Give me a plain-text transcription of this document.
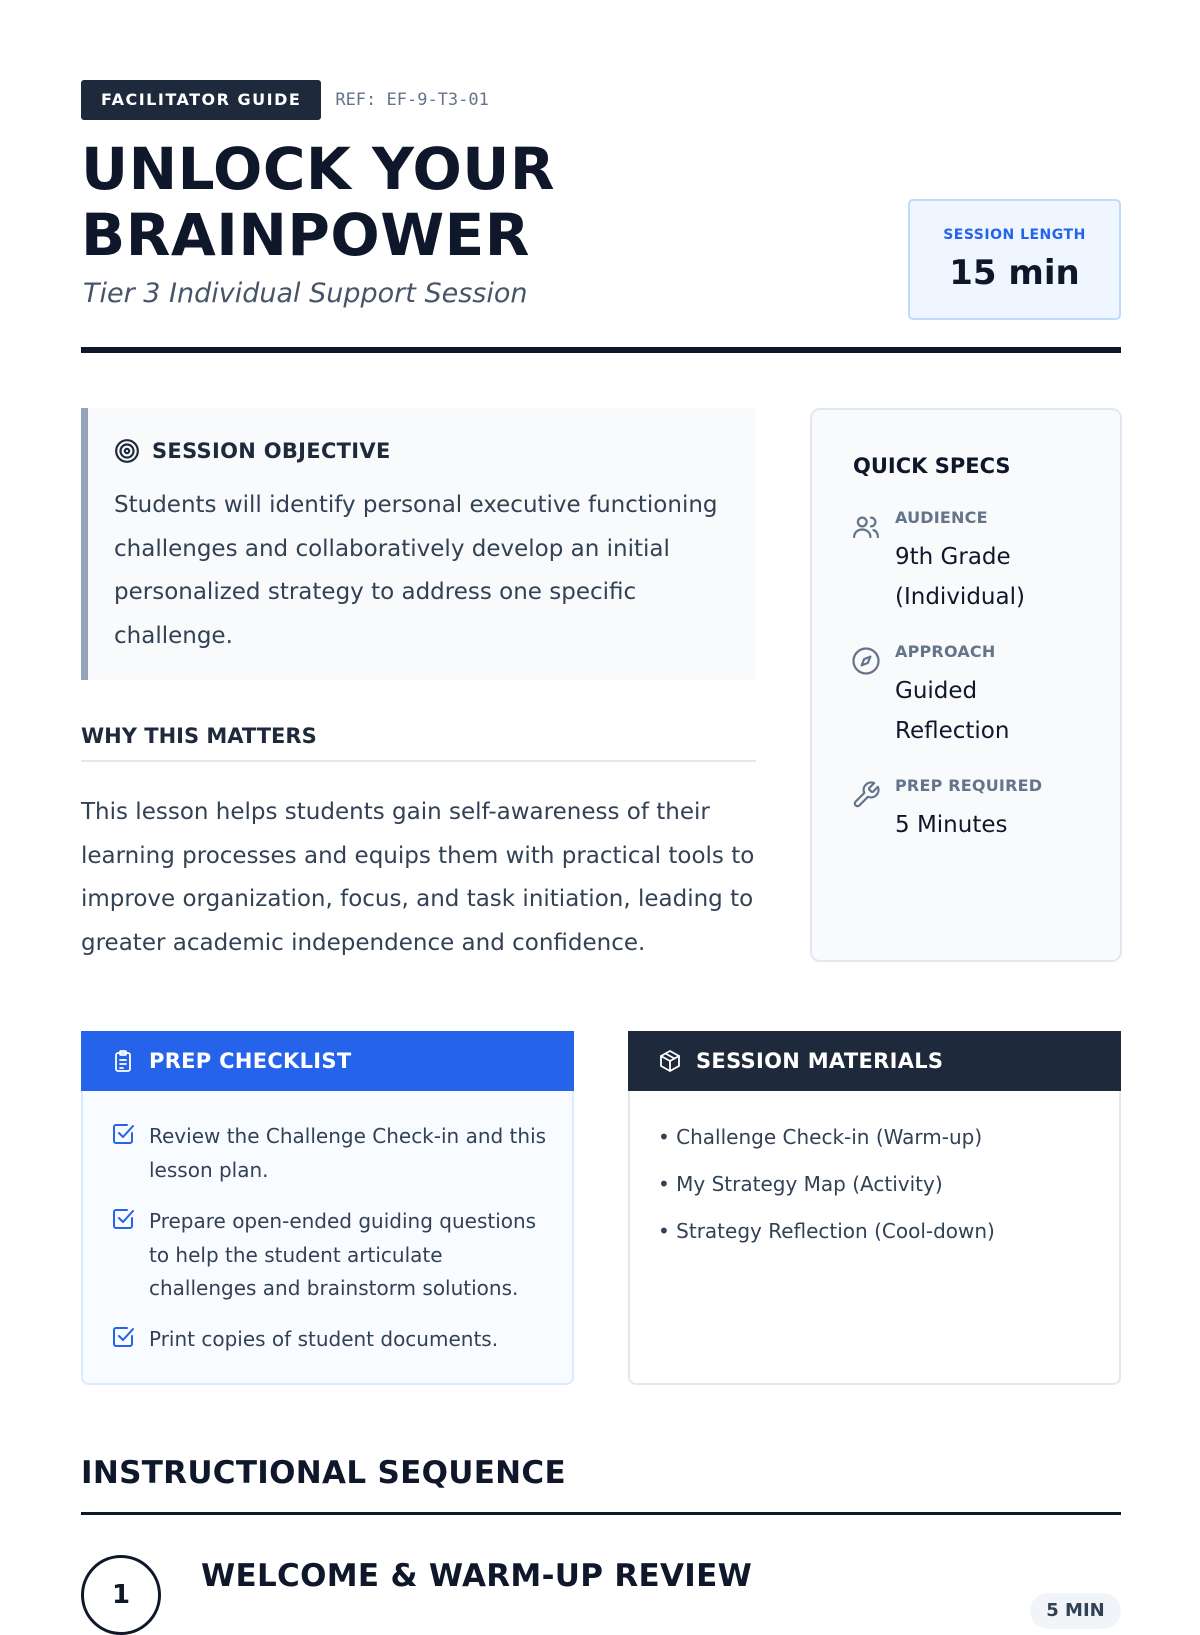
FACILITATOR GUIDE	REF: EF-9-T3-01
UNLOCK YOUR
BRAINPOWER
Tier 3 Individual Support Session
SESSION LENGTH
15 min
SESSION OBJECTIVE

Students will identify personal executive functioning challenges and collaboratively develop an initial personalized strategy to address one specific challenge.

WHY THIS MATTERS

This lesson helps students gain self-awareness of their learning processes and equips them with practical tools to improve organization, focus, and task initiation, leading to greater academic independence and confidence.

QUICK SPECS
AUDIENCE
9th Grade
(Individual)
APPROACH
Guided
Reflection
PREP REQUIRED
5 Minutes
PREP CHECKLIST
Review the Challenge Check-in and this lesson plan.
Prepare open-ended guiding questions to help the student articulate challenges and brainstorm solutions.
Print copies of student documents.
SESSION MATERIALS
• Challenge Check-in (Warm-up)
• My Strategy Map (Activity)
• Strategy Reflection (Cool-down)
INSTRUCTIONAL SEQUENCE
1
WELCOME & WARM-UP REVIEW
5 MIN
